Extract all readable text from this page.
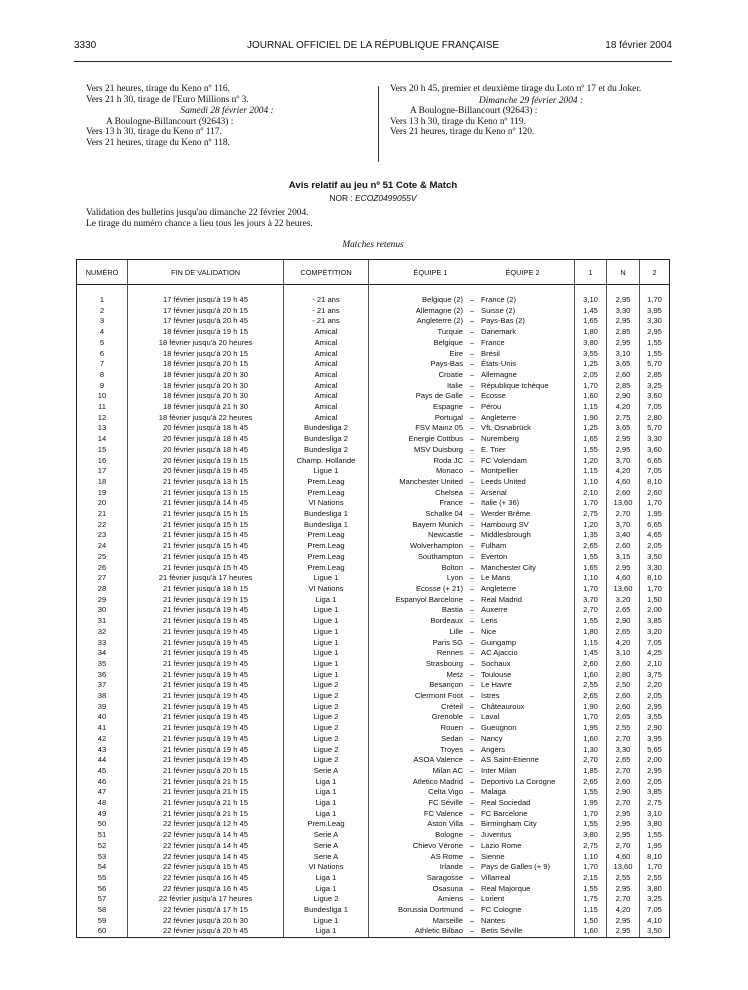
3330	JOURNAL OFFICIEL DE LA RÉPUBLIQUE FRANÇAISE	18 février 2004

Vers 21 heures, tirage du Keno nº 116.

Vers 21 h 30, tirage de l'Euro Millions nº 3.

Samedi 28 février 2004 :

A Boulogne-Billancourt (92643) :

Vers 13 h 30, tirage du Keno nº 117.

Vers 21 heures, tirage du Keno nº 118.

Vers 20 h 45, premier et deuxième tirage du Loto nº 17 et du Joker.

Dimanche 29 février 2004 :

A Boulogne-Billancourt (92643) :

Vers 13 h 30, tirage du Keno nº 119.

Vers 21 heures, tirage du Keno nº 120.

Avis relatif au jeu nº 51 Cote & Match
NOR : ECOZ0499055V

Validation des bulletins jusqu'au dimanche 22 février 2004.

Le tirage du numéro chance a lieu tous les jours à 22 heures.

Matches retenus
NUMÉRO	FIN DE VALIDATION	COMPÉTITION	ÉQUIPE 1 ÉQUIPE 2	1	N	2
1	17 février jusqu'à 19 h 45	- 21 ans	Belgique (2) – France (2)	3,10	2,95	1,70
2	17 février jusqu'à 20 h 15	- 21 ans	Allemagne (2) – Suisse (2)	1,45	3,30	3,95
3	17 février jusqu'à 20 h 45	- 21 ans	Angleterre (2) – Pays-Bas (2)	1,65	2,95	3,30
4	18 février jusqu'à 19 h 15	Amical	Turquie – Danemark	1,80	2,85	2,95
5	18 février jusqu'à 20 heures	Amical	Belgique – France	3,80	2,95	1,55
6	18 février jusqu'à 20 h 15	Amical	Eire – Brésil	3,55	3,10	1,55
7	18 février jusqu'à 20 h 15	Amical	Pays-Bas – États-Unis	1,25	3,65	5,70
8	18 février jusqu'à 20 h 30	Amical	Croatie – Allemagne	2,05	2,60	2,85
9	18 février jusqu'à 20 h 30	Amical	Italie – République tchèque	1,70	2,85	3,25
10	18 février jusqu'à 20 h 30	Amical	Pays de Galle – Ecosse	1,60	2,90	3,60
11	18 février jusqu'à 21 h 30	Amical	Espagne – Pérou	1,15	4,20	7,05
12	18 février jusqu'à 22 heures	Amical	Portugal – Angleterre	1,90	2,75	2,80
13	20 février jusqu'à 18 h 45	Bundesliga 2	FSV Mainz 05 – VfL Osnabrück	1,25	3,65	5,70
14	20 février jusqu'à 18 h 45	Bundesliga 2	Energie Cottbus – Nuremberg	1,65	2,95	3,30
15	20 février jusqu'à 18 h 45	Bundesliga 2	MSV Duisburg – E. Trier	1,55	2,95	3,60
16	20 février jusqu'à 19 h 15	Champ. Hollande	Roda JC – FC Volendam	1,20	3,70	6,65
17	20 février jusqu'à 19 h 45	Ligue 1	Monaco – Montpellier	1,15	4,20	7,05
18	21 février jusqu'à 13 h 15	Prem.Leag	Manchester United – Leeds United	1,10	4,60	8,10
19	21 février jusqu'à 13 h 15	Prem.Leag	Chelsea – Arsenal	2,10	2,60	2,60
20	21 février jusqu'à 14 h 45	VI Nations	France – Italie (+ 36)	1,70	13,60	1,70
21	21 février jusqu'à 15 h 15	Bundesliga 1	Schalke 04 – Werder Brême	2,75	2,70	1,95
22	21 février jusqu'à 15 h 15	Bundesliga 1	Bayern Munich – Hambourg SV	1,20	3,70	6,65
23	21 février jusqu'à 15 h 45	Prem.Leag	Newcastle – Middlesbrough	1,35	3,40	4,65
24	21 février jusqu'à 15 h 45	Prem.Leag	Wolverhampton – Fulham	2,65	2,60	2,05
25	21 février jusqu'à 15 h 45	Prem.Leag	Southampton – Everton	1,55	3,15	3,50
26	21 février jusqu'à 15 h 45	Prem.Leag	Bolton – Manchester City	1,65	2,95	3,30
27	21 février jusqu'à 17 heures	Ligue 1	Lyon – Le Mans	1,10	4,60	8,10
28	21 février jusqu'à 18 h 15	VI Nations	Ecosse (+ 21) – Angleterre	1,70	13,60	1,70
29	21 février jusqu'à 19 h 15	Liga 1	Espanyol Barcelone – Real Madrid	3,70	3,20	1,50
30	21 février jusqu'à 19 h 45	Ligue 1	Bastia – Auxerre	2,70	2,65	2,00
31	21 février jusqu'à 19 h 45	Ligue 1	Bordeaux – Lens	1,55	2,90	3,85
32	21 février jusqu'à 19 h 45	Ligue 1	Lille – Nice	1,80	2,65	3,20
33	21 février jusqu'à 19 h 45	Ligue 1	Paris SG – Guingamp	1,15	4,20	7,05
34	21 février jusqu'à 19 h 45	Ligue 1	Rennes – AC Ajaccio	1,45	3,10	4,25
35	21 février jusqu'à 19 h 45	Ligue 1	Strasbourg – Sochaux	2,60	2,60	2,10
36	21 février jusqu'à 19 h 45	Ligue 1	Metz – Toulouse	1,60	2,80	3,75
37	21 février jusqu'à 19 h 45	Ligue 2	Besançon – Le Havre	2,55	2,50	2,20
38	21 février jusqu'à 19 h 45	Ligue 2	Clermont Foot – Istres	2,65	2,60	2,05
39	21 février jusqu'à 19 h 45	Ligue 2	Créteil – Châteauroux	1,90	2,60	2,95
40	21 février jusqu'à 19 h 45	Ligue 2	Grenoble – Laval	1,70	2,65	3,55
41	21 février jusqu'à 19 h 45	Ligue 2	Rouen – Gueugnon	1,95	2,55	2,90
42	21 février jusqu'à 19 h 45	Ligue 2	Sedan – Nancy	1,60	2,70	3,95
43	21 février jusqu'à 19 h 45	Ligue 2	Troyes – Angers	1,30	3,30	5,65
44	21 février jusqu'à 19 h 45	Ligue 2	ASOA Valence – AS Saint-Etienne	2,70	2,65	2,00
45	21 février jusqu'à 20 h 15	Serie A	Milan AC – Inter Milan	1,85	2,70	2,95
46	21 février jusqu'à 21 h 15	Liga 1	Atletico Madrid – Deportivo La Corogne	2,65	2,60	2,05
47	21 février jusqu'à 21 h 15	Liga 1	Celta Vigo – Malaga	1,55	2,90	3,85
48	21 février jusqu'à 21 h 15	Liga 1	FC Séville – Real Sociedad	1,95	2,70	2,75
49	21 février jusqu'à 21 h 15	Liga 1	FC Valence – FC Barcelone	1,70	2,95	3,10
50	22 février jusqu'à 12 h 45	Prem.Leag	Aston Villa – Birmingham City	1,55	2,95	3,80
51	22 février jusqu'à 14 h 45	Serie A	Bologne – Juventus	3,80	2,95	1,55
52	22 février jusqu'à 14 h 45	Serie A	Chievo Vérone – Lazio Rome	2,75	2,70	1,95
53	22 février jusqu'à 14 h 45	Serie A	AS Rome – Sienne	1,10	4,60	8,10
54	22 février jusqu'à 15 h 45	VI Nations	Irlande – Pays de Galles (+ 9)	1,70	13,60	1,70
55	22 février jusqu'à 16 h 45	Liga 1	Saragosse – Villarreal	2,15	2,55	2,55
56	22 février jusqu'à 16 h 45	Liga 1	Osasuna – Real Majorque	1,55	2,95	3,80
57	22 février jusqu'à 17 heures	Ligue 2	Amiens – Lorient	1,75	2,70	3,25
58	22 février jusqu'à 17 h 15	Bundesliga 1	Borussia Dortmund – FC Cologne	1,15	4,20	7,05
59	22 février jusqu'à 20 h 30	Ligue 1	Marseille – Nantes	1,50	2,95	4,10
60	22 février jusqu'à 20 h 45	Liga 1	Athletic Bilbao – Betis Séville	1,60	2,95	3,50
